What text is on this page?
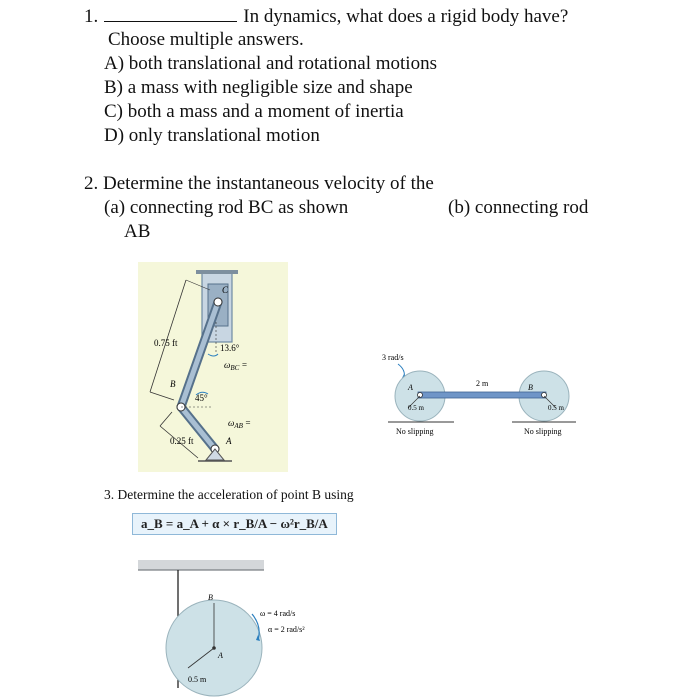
1.	In dynamics, what does a rigid body have?
Choose multiple answers.
A) both translational and rotational motions
B) a mass with negligible size and shape
C) both a mass and a moment of inertia
D) only translational motion
2. Determine the instantaneous velocity of the
(a) connecting rod BC as shown	(b) connecting rod
AB
C
0.75 ft	13.6°
$\omega_{BC}$ =
B
45°
$\omega_{AB}$ =
0.25 ft	A
3 rad/s
A	B
2 m
0.5 m	0.5 m
No slipping	No slipping
3. Determine the acceleration of point B using
a_B = a_A + α × r_B/A − ω²r_B/A
B
A
0.5 m
ω = 4 rad/s
α = 2 rad/s²
